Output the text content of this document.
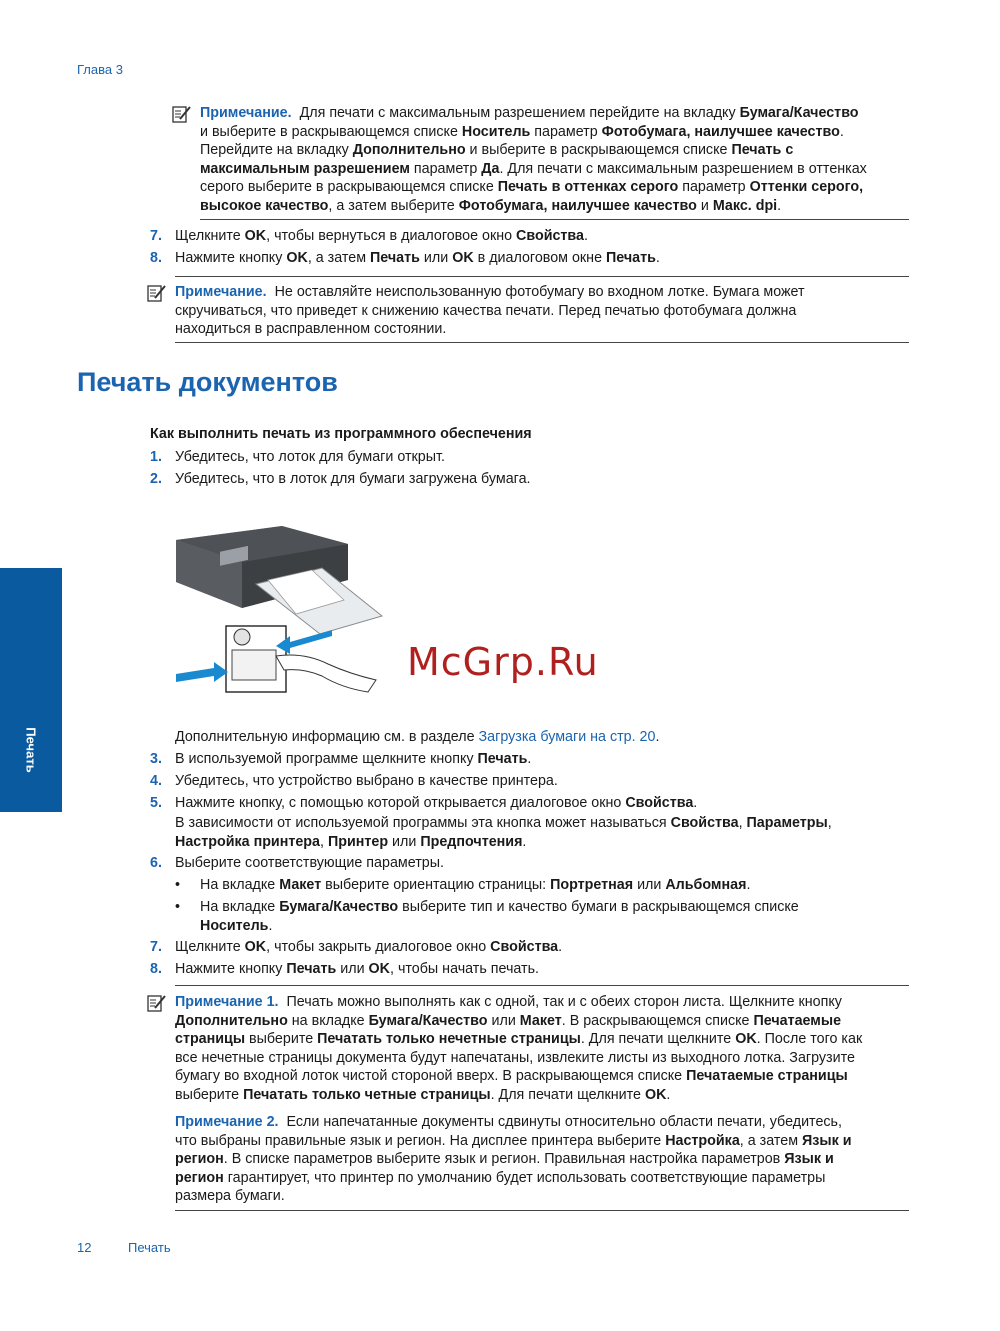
Глава 3
Примечание. Для печати с максимальным разрешением перейдите на вкладку Бумага/Качество
и выберите в раскрывающемся списке Носитель параметр Фотобумага, наилучшее качество.
Перейдите на вкладку Дополнительно и выберите в раскрывающемся списке Печать с
максимальным разрешением параметр Да. Для печати с максимальным разрешением в оттенках
серого выберите в раскрывающемся списке Печать в оттенках серого параметр Оттенки серого,
высокое качество, а затем выберите Фотобумага, наилучшее качество и Макс. dpi.
Примечание. Не оставляйте неиспользованную фотобумагу во входном лотке. Бумага может
скручиваться, что приведет к снижению качества печати. Перед печатью фотобумага должна
находиться в расправленном состоянии.
Печать документов
Как выполнить печать из программного обеспечения
McGrp.Ru
Дополнительную информацию см. в разделе Загрузка бумаги на стр. 20.
В зависимости от используемой программы эта кнопка может называться Свойства, Параметры,
Настройка принтера, Принтер или Предпочтения.
• На вкладке Макет выберите ориентацию страницы: Портретная или Альбомная.
• На вкладке Бумага/Качество выберите тип и качество бумаги в раскрывающемся списке
Носитель.
Примечание 1. Печать можно выполнять как с одной, так и с обеих сторон листа. Щелкните кнопку
Дополнительно на вкладке Бумага/Качество или Макет. В раскрывающемся списке Печатаемые
страницы выберите Печатать только нечетные страницы. Для печати щелкните OK. После того как
все нечетные страницы документа будут напечатаны, извлеките листы из выходного лотка. Загрузите
бумагу во входной лоток чистой стороной вверх. В раскрывающемся списке Печатаемые страницы
выберите Печатать только четные страницы. Для печати щелкните OK.
Примечание 2. Если напечатанные документы сдвинуты относительно области печати, убедитесь,
что выбраны правильные язык и регион. На дисплее принтера выберите Настройка, а затем Язык и
регион. В списке параметров выберите язык и регион. Правильная настройка параметров Язык и
регион гарантирует, что принтер по умолчанию будет использовать соответствующие параметры
размера бумаги.
Печать
12	Печать
7. Щелкните OK, чтобы вернуться в диалоговое окно Свойства.
8. Нажмите кнопку OK, а затем Печать или OK в диалоговом окне Печать.
1. Убедитесь, что лоток для бумаги открыт.
2. Убедитесь, что в лоток для бумаги загружена бумага.
3. В используемой программе щелкните кнопку Печать.
4. Убедитесь, что устройство выбрано в качестве принтера.
5. Нажмите кнопку, с помощью которой открывается диалоговое окно Свойства.
6. Выберите соответствующие параметры.
7. Щелкните OK, чтобы закрыть диалоговое окно Свойства.
8. Нажмите кнопку Печать или OK, чтобы начать печать.
